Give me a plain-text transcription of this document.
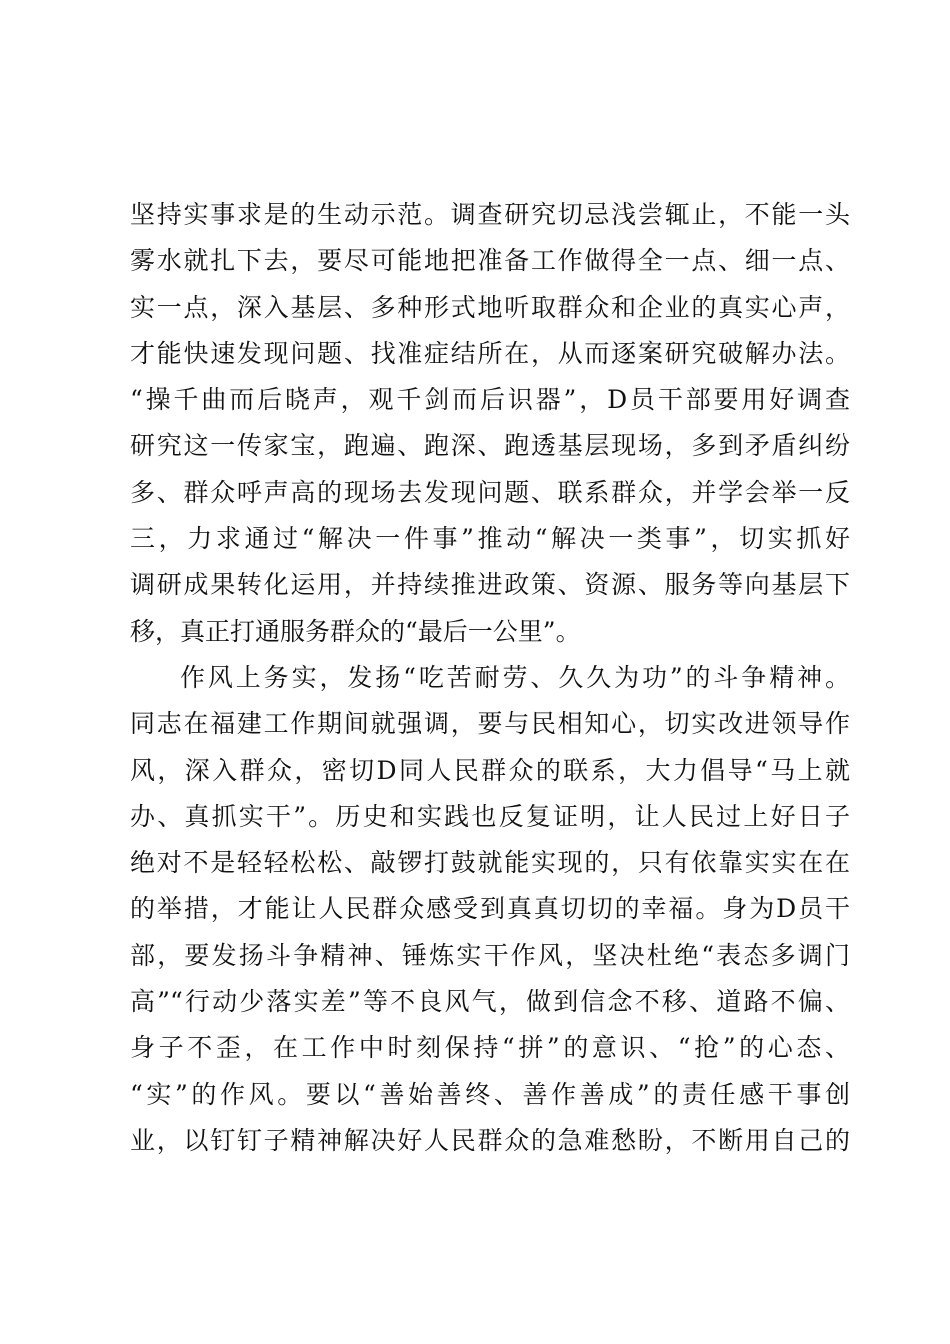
坚持实事求是的生动示范。调查研究切忌浅尝辄止，不能一头
雾水就扎下去，要尽可能地把准备工作做得全一点、细一点、
实一点，深入基层、多种形式地听取群众和企业的真实心声，
才能快速发现问题、找准症结所在，从而逐案研究破解办法。
“操千曲而后晓声，观千剑而后识器”，D员干部要用好调查
研究这一传家宝，跑遍、跑深、跑透基层现场，多到矛盾纠纷
多、群众呼声高的现场去发现问题、联系群众，并学会举一反
三，力求通过“解决一件事”推动“解决一类事”，切实抓好
调研成果转化运用，并持续推进政策、资源、服务等向基层下
移，真正打通服务群众的“最后一公里”。
作风上务实，发扬“吃苦耐劳、久久为功”的斗争精神。
同志在福建工作期间就强调，要与民相知心，切实改进领导作
风，深入群众，密切D同人民群众的联系，大力倡导“马上就
办、真抓实干”。历史和实践也反复证明，让人民过上好日子
绝对不是轻轻松松、敲锣打鼓就能实现的，只有依靠实实在在
的举措，才能让人民群众感受到真真切切的幸福。身为D员干
部，要发扬斗争精神、锤炼实干作风，坚决杜绝“表态多调门
高”“行动少落实差”等不良风气，做到信念不移、道路不偏、
身子不歪，在工作中时刻保持“拼”的意识、“抢”的心态、
“实”的作风。要以“善始善终、善作善成”的责任感干事创
业，以钉钉子精神解决好人民群众的急难愁盼，不断用自己的
